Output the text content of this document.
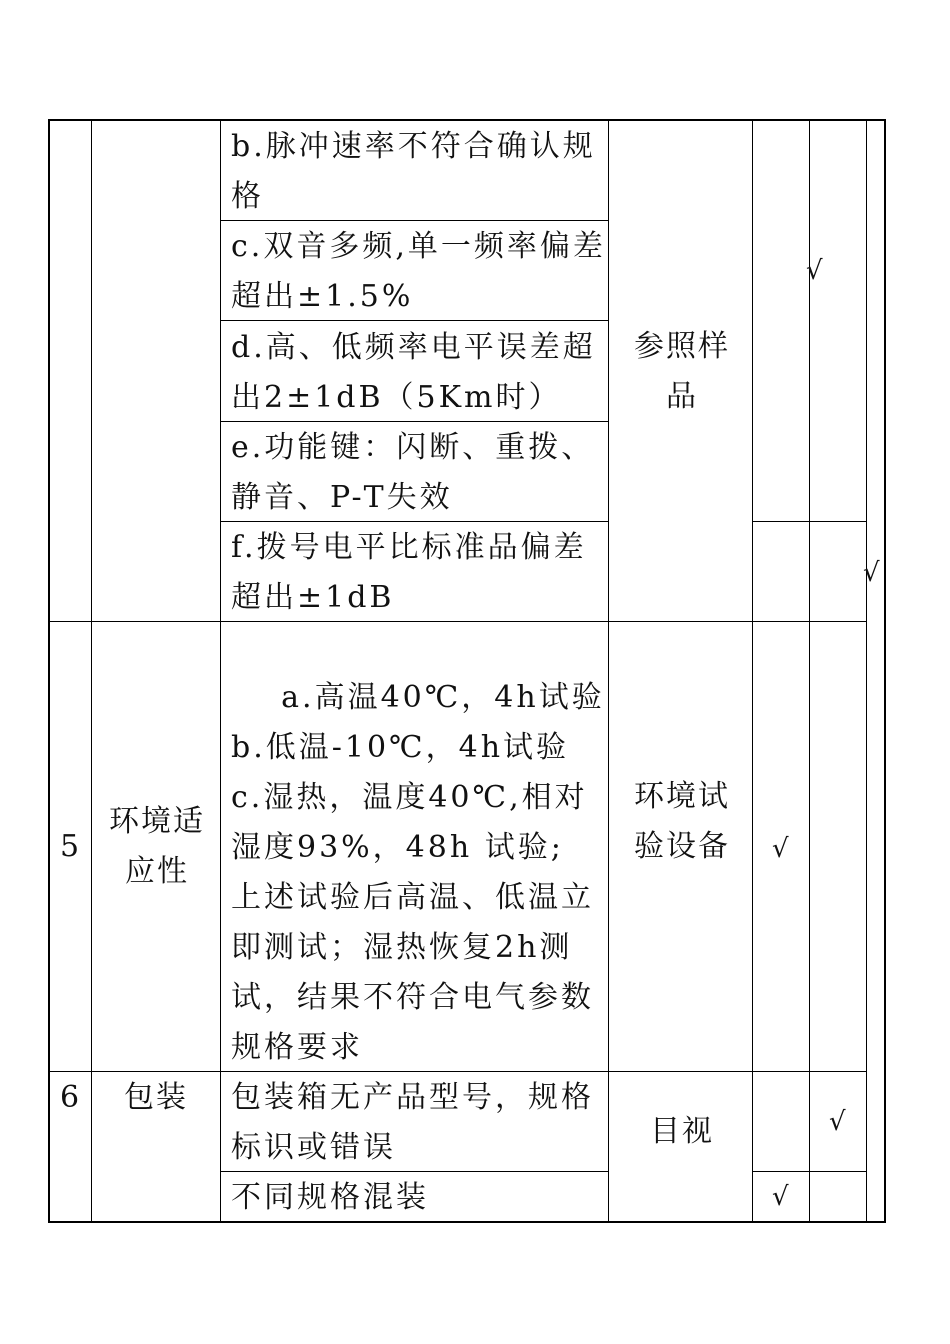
b.脉冲速率不符合确认规格
c.双音多频,单一频率偏差超出±1.5%
d.高、低频率电平误差超出2±1dB（5Km时）
e.功能键：闪断、重拨、静音、P-T失效
f.拨号电平比标准品偏差超出±1dB
参照样品
5
环境适应性

a.高温40℃，4h试验
b.低温-10℃，4h试验
c.湿热，温度40℃,相对湿度93%，48h 试验;
上述试验后高温、低温立即测试；湿热恢复2h测试，结果不符合电气参数规格要求

环境试验设备
6	包装	包装箱无产品型号，规格标识或错误
不同规格混装
目视
√
√
√
√
√
